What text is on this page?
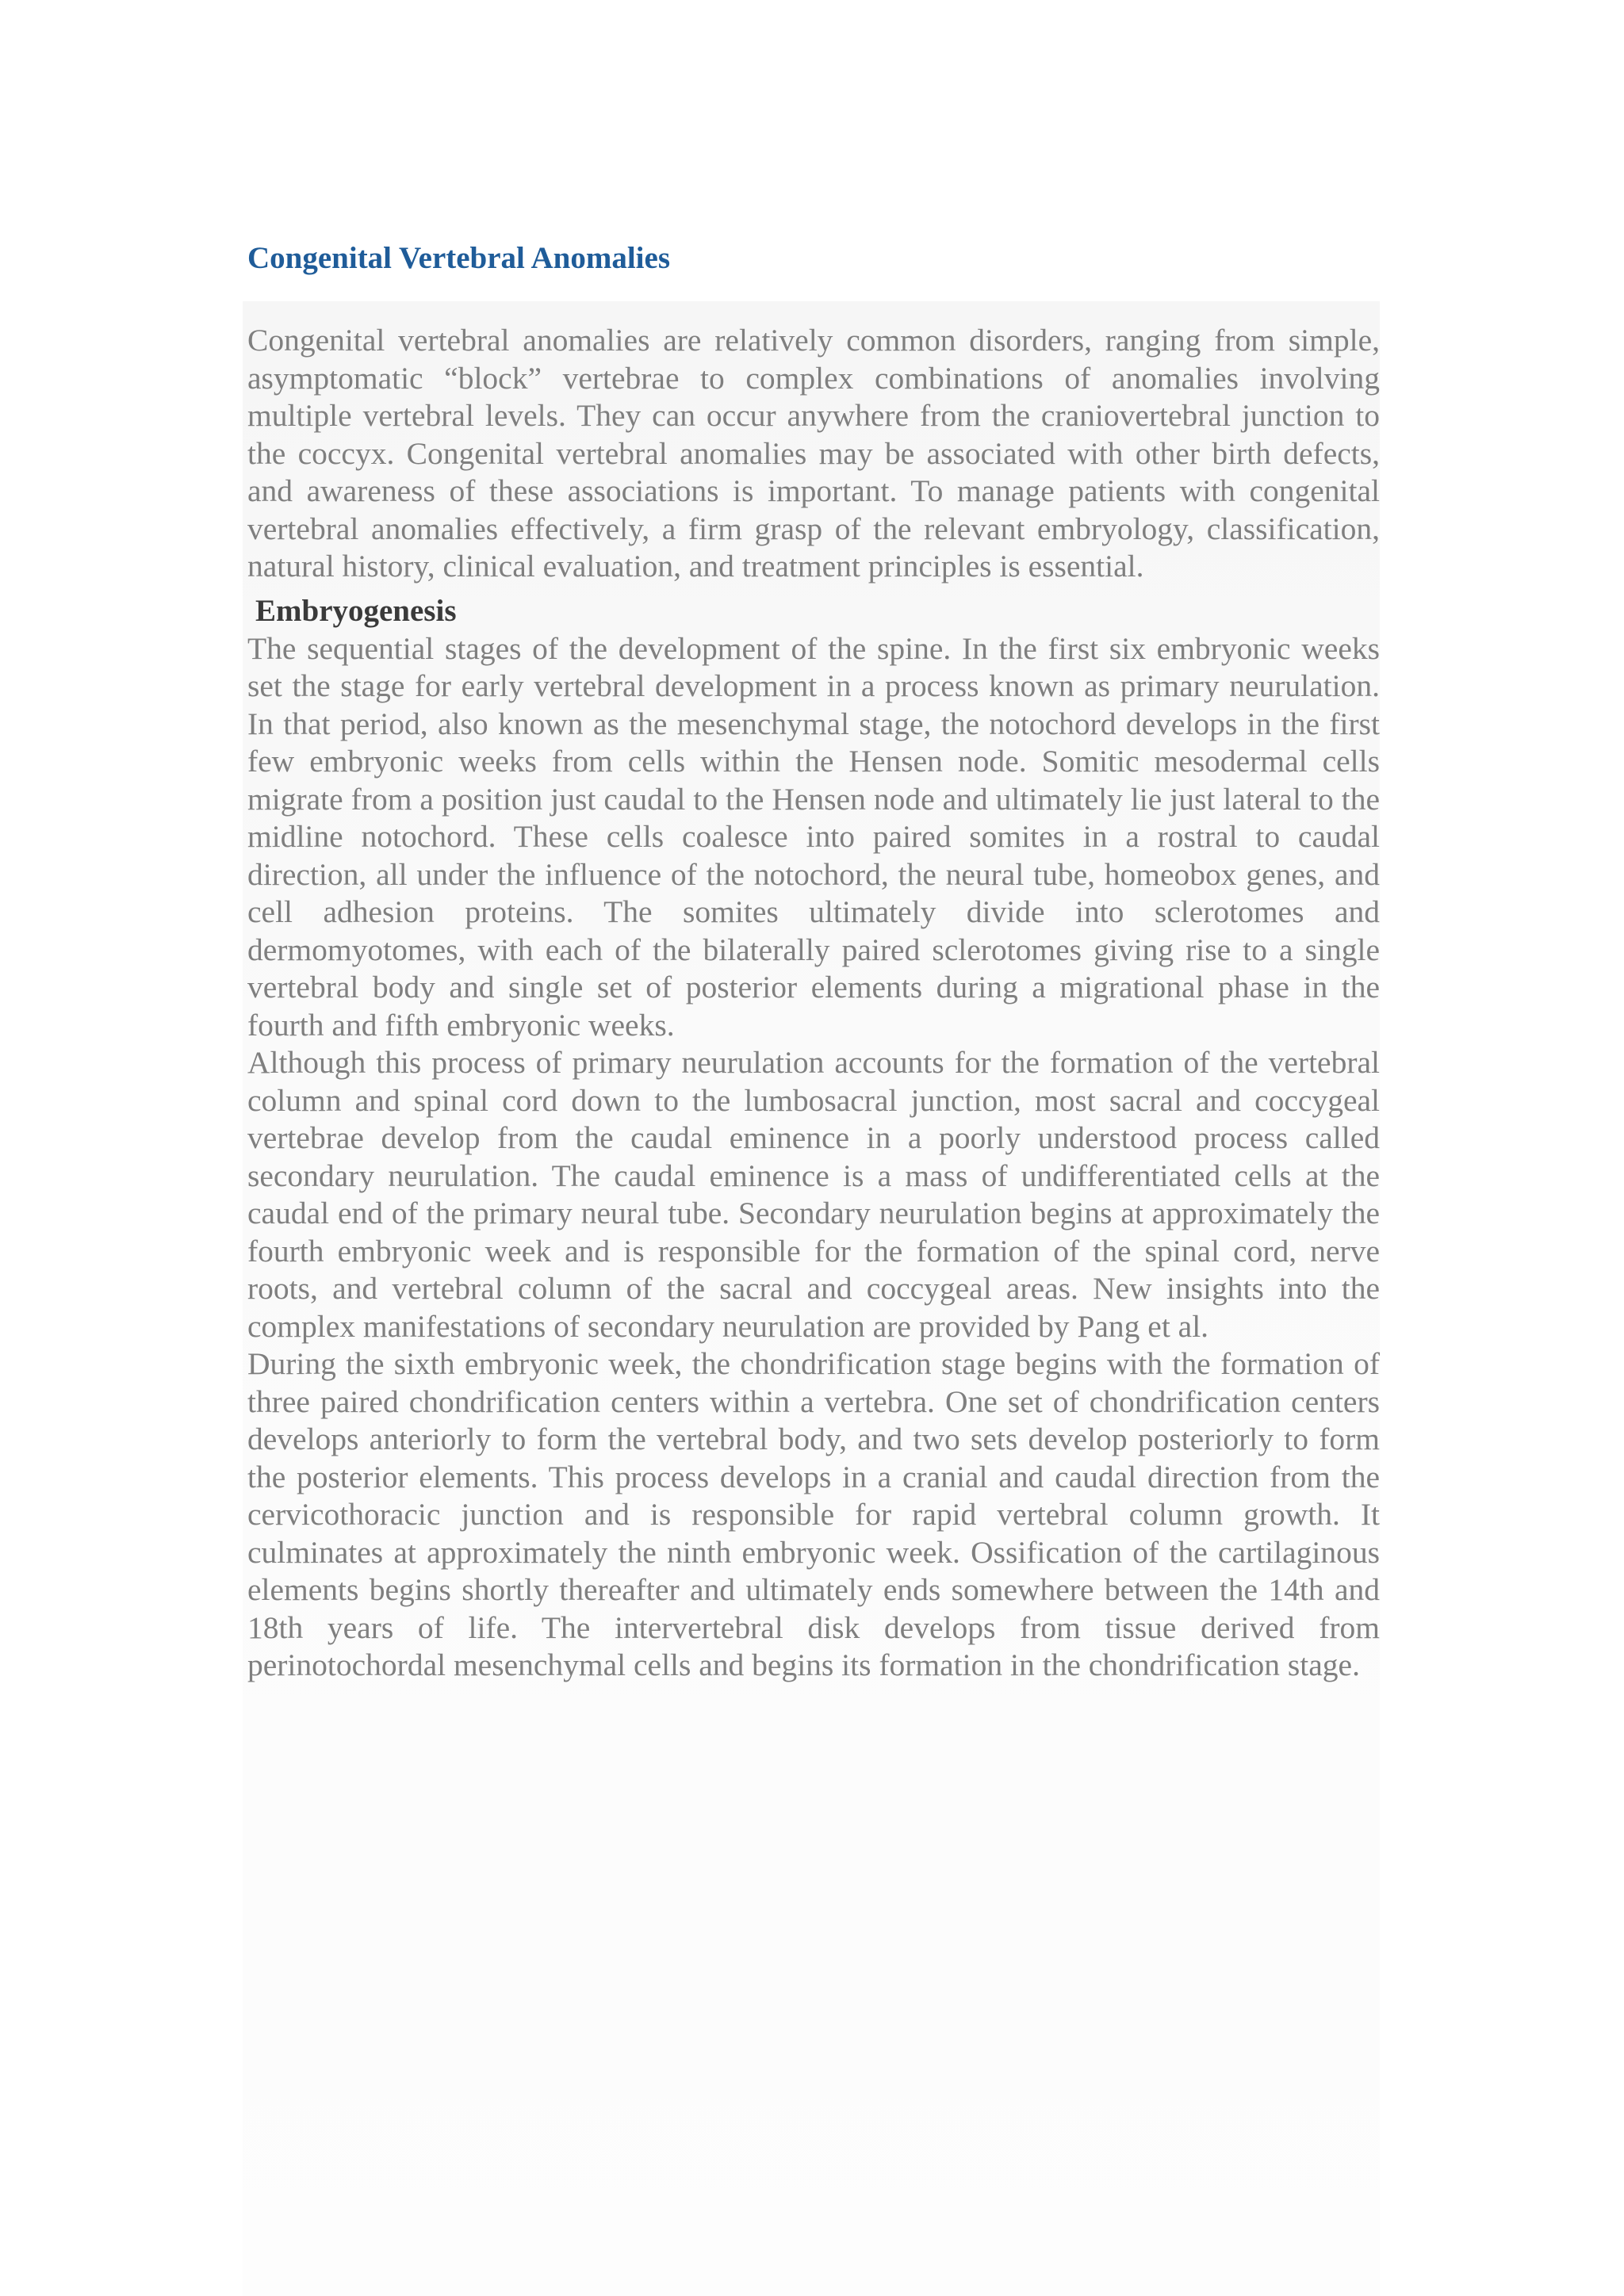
Congenital Vertebral Anomalies

Congenital vertebral anomalies are relatively common disorders, ranging from simple, asymptomatic “block” vertebrae to complex combinations of anomalies involving multiple vertebral levels. They can occur anywhere from the craniovertebral junction to the coccyx. Congenital vertebral anomalies may be associated with other birth defects, and awareness of these associations is important. To manage patients with congenital vertebral anomalies effectively, a firm grasp of the relevant embryology, classification, natural history, clinical evaluation, and treatment principles is essential.

Embryogenesis

The sequential stages of the development of the spine. In the first six embryonic weeks set the stage for early vertebral development in a process known as primary neurulation. In that period, also known as the mesenchymal stage, the notochord develops in the first few embryonic weeks from cells within the Hensen node. Somitic mesodermal cells migrate from a position just caudal to the Hensen node and ultimately lie just lateral to the midline notochord. These cells coalesce into paired somites in a rostral to caudal direction, all under the influence of the notochord, the neural tube, homeobox genes, and cell adhesion proteins. The somites ultimately divide into sclerotomes and dermomyotomes, with each of the bilaterally paired sclerotomes giving rise to a single vertebral body and single set of posterior elements during a migrational phase in the fourth and fifth embryonic weeks.

Although this process of primary neurulation accounts for the formation of the vertebral column and spinal cord down to the lumbosacral junction, most sacral and coccygeal vertebrae develop from the caudal eminence in a poorly understood process called secondary neurulation. The caudal eminence is a mass of undifferentiated cells at the caudal end of the primary neural tube. Secondary neurulation begins at approximately the fourth embryonic week and is responsible for the formation of the spinal cord, nerve roots, and vertebral column of the sacral and coccygeal areas. New insights into the complex manifestations of secondary neurulation are provided by Pang et al.

During the sixth embryonic week, the chondrification stage begins with the formation of three paired chondrification centers within a vertebra. One set of chondrification centers develops anteriorly to form the vertebral body, and two sets develop posteriorly to form the posterior elements. This process develops in a cranial and caudal direction from the cervicothoracic junction and is responsible for rapid vertebral column growth. It culminates at approximately the ninth embryonic week. Ossification of the cartilaginous elements begins shortly thereafter and ultimately ends somewhere between the 14th and 18th years of life. The intervertebral disk develops from tissue derived from perinotochordal mesenchymal cells and begins its formation in the chondrification stage.
